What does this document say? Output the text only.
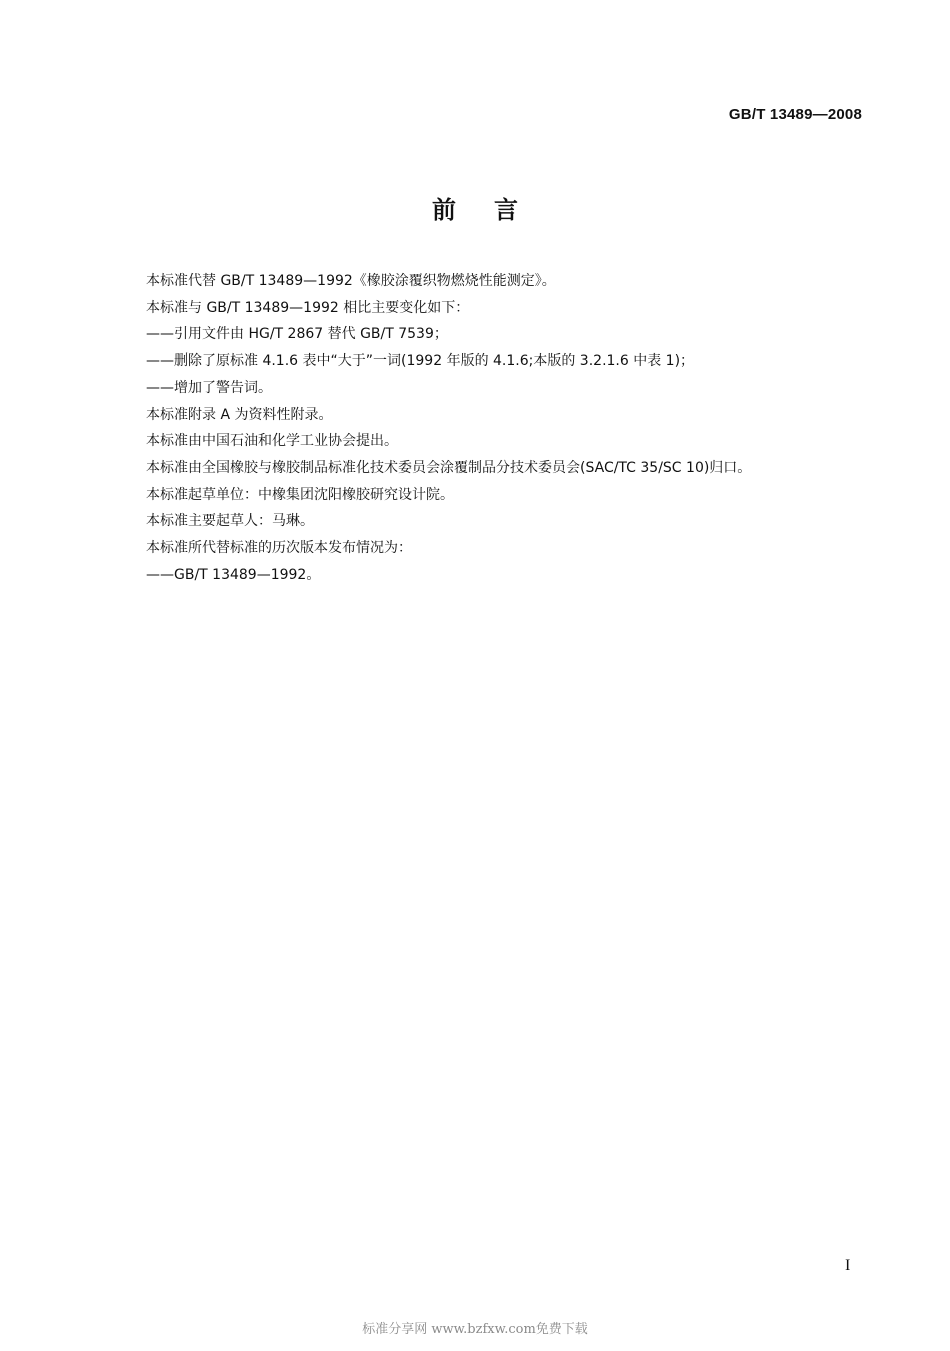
GB/T 13489—2008
前言

本标准代替 GB/T 13489—1992《橡胶涂覆织物燃烧性能测定》。

本标准与 GB/T 13489—1992 相比主要变化如下：

——引用文件由 HG/T 2867 替代 GB/T 7539；

——删除了原标准 4.1.6 表中“大于”一词(1992 年版的 4.1.6;本版的 3.2.1.6 中表 1)；

——增加了警告词。

本标准附录 A 为资料性附录。

本标准由中国石油和化学工业协会提出。

本标准由全国橡胶与橡胶制品标准化技术委员会涂覆制品分技术委员会(SAC/TC 35/SC 10)归口。

本标准起草单位：中橡集团沈阳橡胶研究设计院。

本标准主要起草人：马琳。

本标准所代替标准的历次版本发布情况为：

——GB/T 13489—1992。

I
标准分享网 www.bzfxw.com免费下载
